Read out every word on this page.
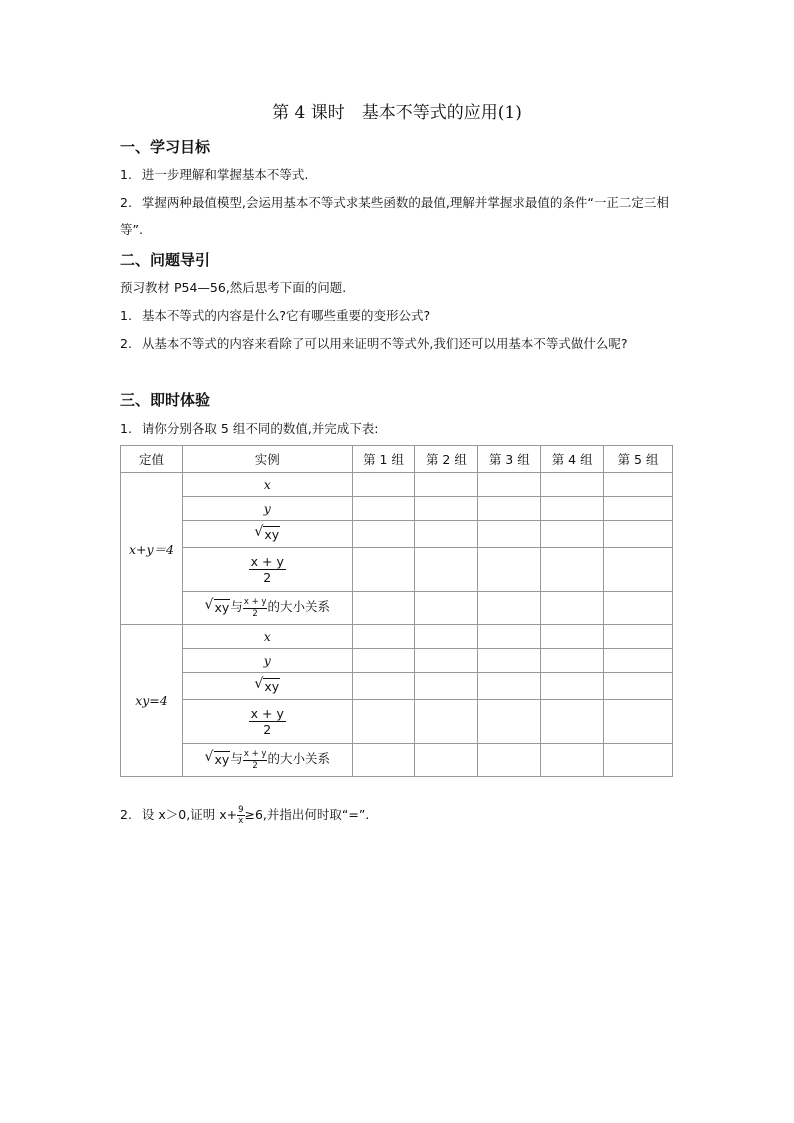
第 4 课时　基本不等式的应用(1)
一、学习目标
1. 进一步理解和掌握基本不等式.
2. 掌握两种最值模型,会运用基本不等式求某些函数的最值,理解并掌握求最值的条件“一正二定三相等”.
二、问题导引
预习教材 P54—56,然后思考下面的问题.
1. 基本不等式的内容是什么?它有哪些重要的变形公式?
2. 从基本不等式的内容来看除了可以用来证明不等式外,我们还可以用基本不等式做什么呢?
三、即时体验
1. 请你分别各取 5 组不同的数值,并完成下表:
定值	实例	第 1 组	第 2 组	第 3 组	第 4 组	第 5 组
x+y＝4	x					
	y					

	√ xy					

	$\frac{x + y}{2}$

	√ xy与 $\frac{x + y}{2}$ 的大小关系					
xy=4	x					
	y					

	√ xy					

	$\frac{x + y}{2}$

	√ xy与 $\frac{x + y}{2}$ 的大小关系					
2. 设 x＞0,证明 $x+ \frac{9}{x} \ge 6$,并指出何时取“=”.
